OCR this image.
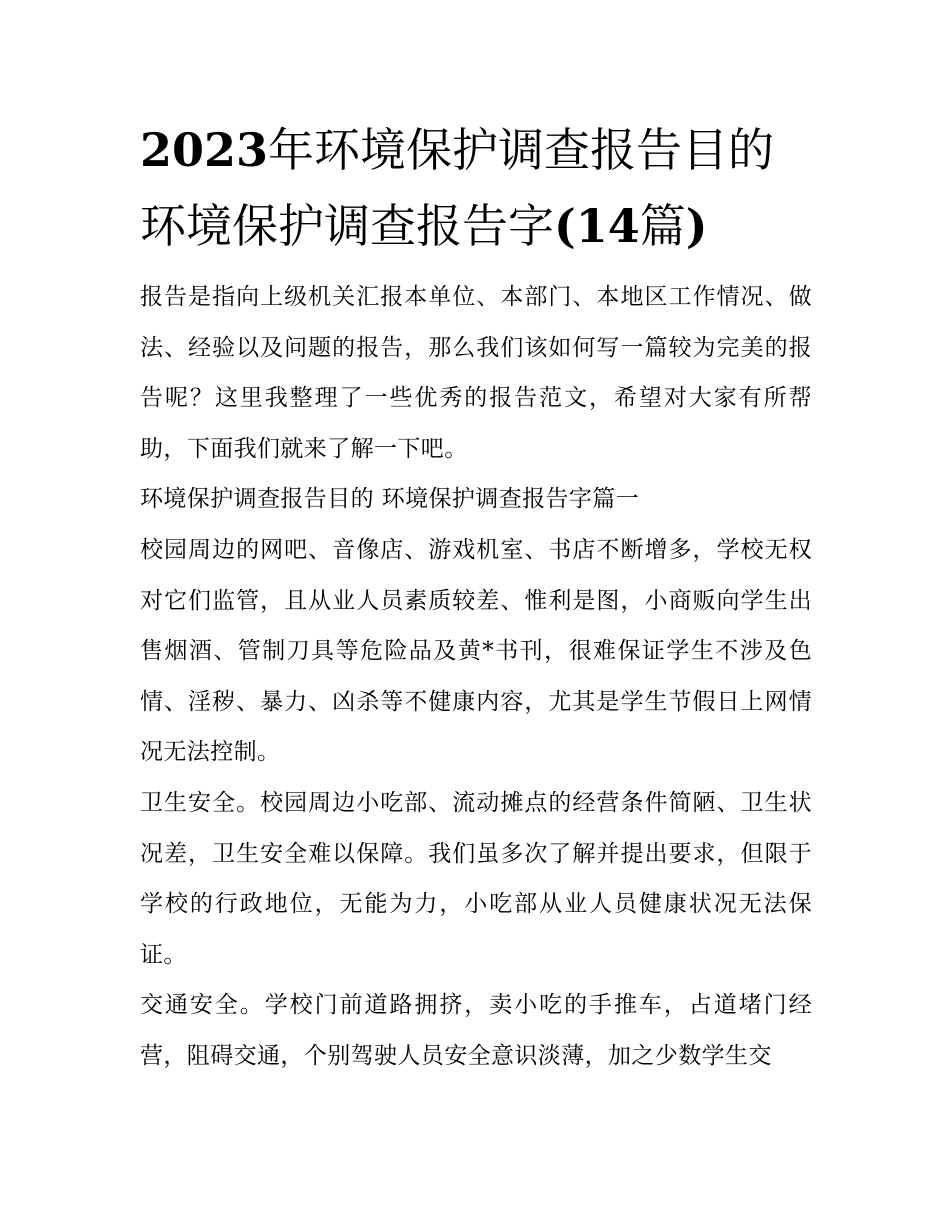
2023年环境保护调查报告目的
环境保护调查报告字(14篇)

报告是指向上级机关汇报本单位、本部门、本地区工作情况、做法、经验以及问题的报告，那么我们该如何写一篇较为完美的报告呢？这里我整理了一些优秀的报告范文，希望对大家有所帮助，下面我们就来了解一下吧。

环境保护调查报告目的 环境保护调查报告字篇一

校园周边的网吧、音像店、游戏机室、书店不断增多，学校无权对它们监管，且从业人员素质较差、惟利是图，小商贩向学生出售烟酒、管制刀具等危险品及黄*书刊，很难保证学生不涉及色情、淫秽、暴力、凶杀等不健康内容，尤其是学生节假日上网情况无法控制。

卫生安全。校园周边小吃部、流动摊点的经营条件简陋、卫生状况差，卫生安全难以保障。我们虽多次了解并提出要求，但限于学校的行政地位，无能为力，小吃部从业人员健康状况无法保证。

交通安全。学校门前道路拥挤，卖小吃的手推车，占道堵门经营，阻碍交通，个别驾驶人员安全意识淡薄，加之少数学生交
